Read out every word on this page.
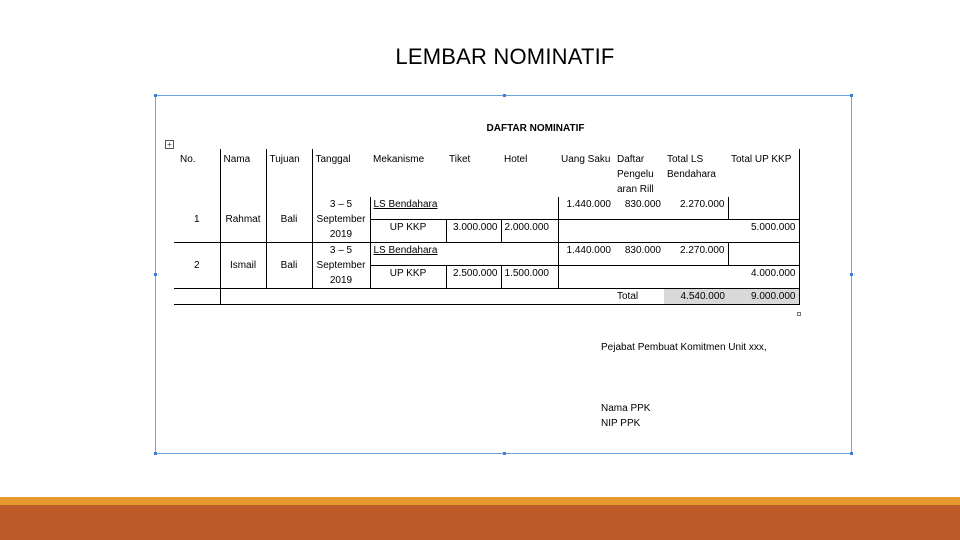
LEMBAR NOMINATIF
DAFTAR NOMINATIF
+
No.	Nama	Tujuan	Tanggal	Mekanisme	Tiket	Hotel	Uang Saku	Daftar Pengelu aran Rill	Total LS Bendahara	Total UP KKP
1	Rahmat	Bali	3 – 5 September 2019	LS Bendahara			1.440.000	830.000	2.270.000	
				UP KKP	3.000.000	2.000.000				5.000.000
2	Ismail	Bali	3 – 5 September 2019	LS Bendahara			1.440.000	830.000	2.270.000	
				UP KKP	2.500.000	1.500.000				4.000.000
								Total	4.540.000	9.000.000
Pejabat Pembuat Komitmen Unit xxx,
Nama PPK
NIP PPK
